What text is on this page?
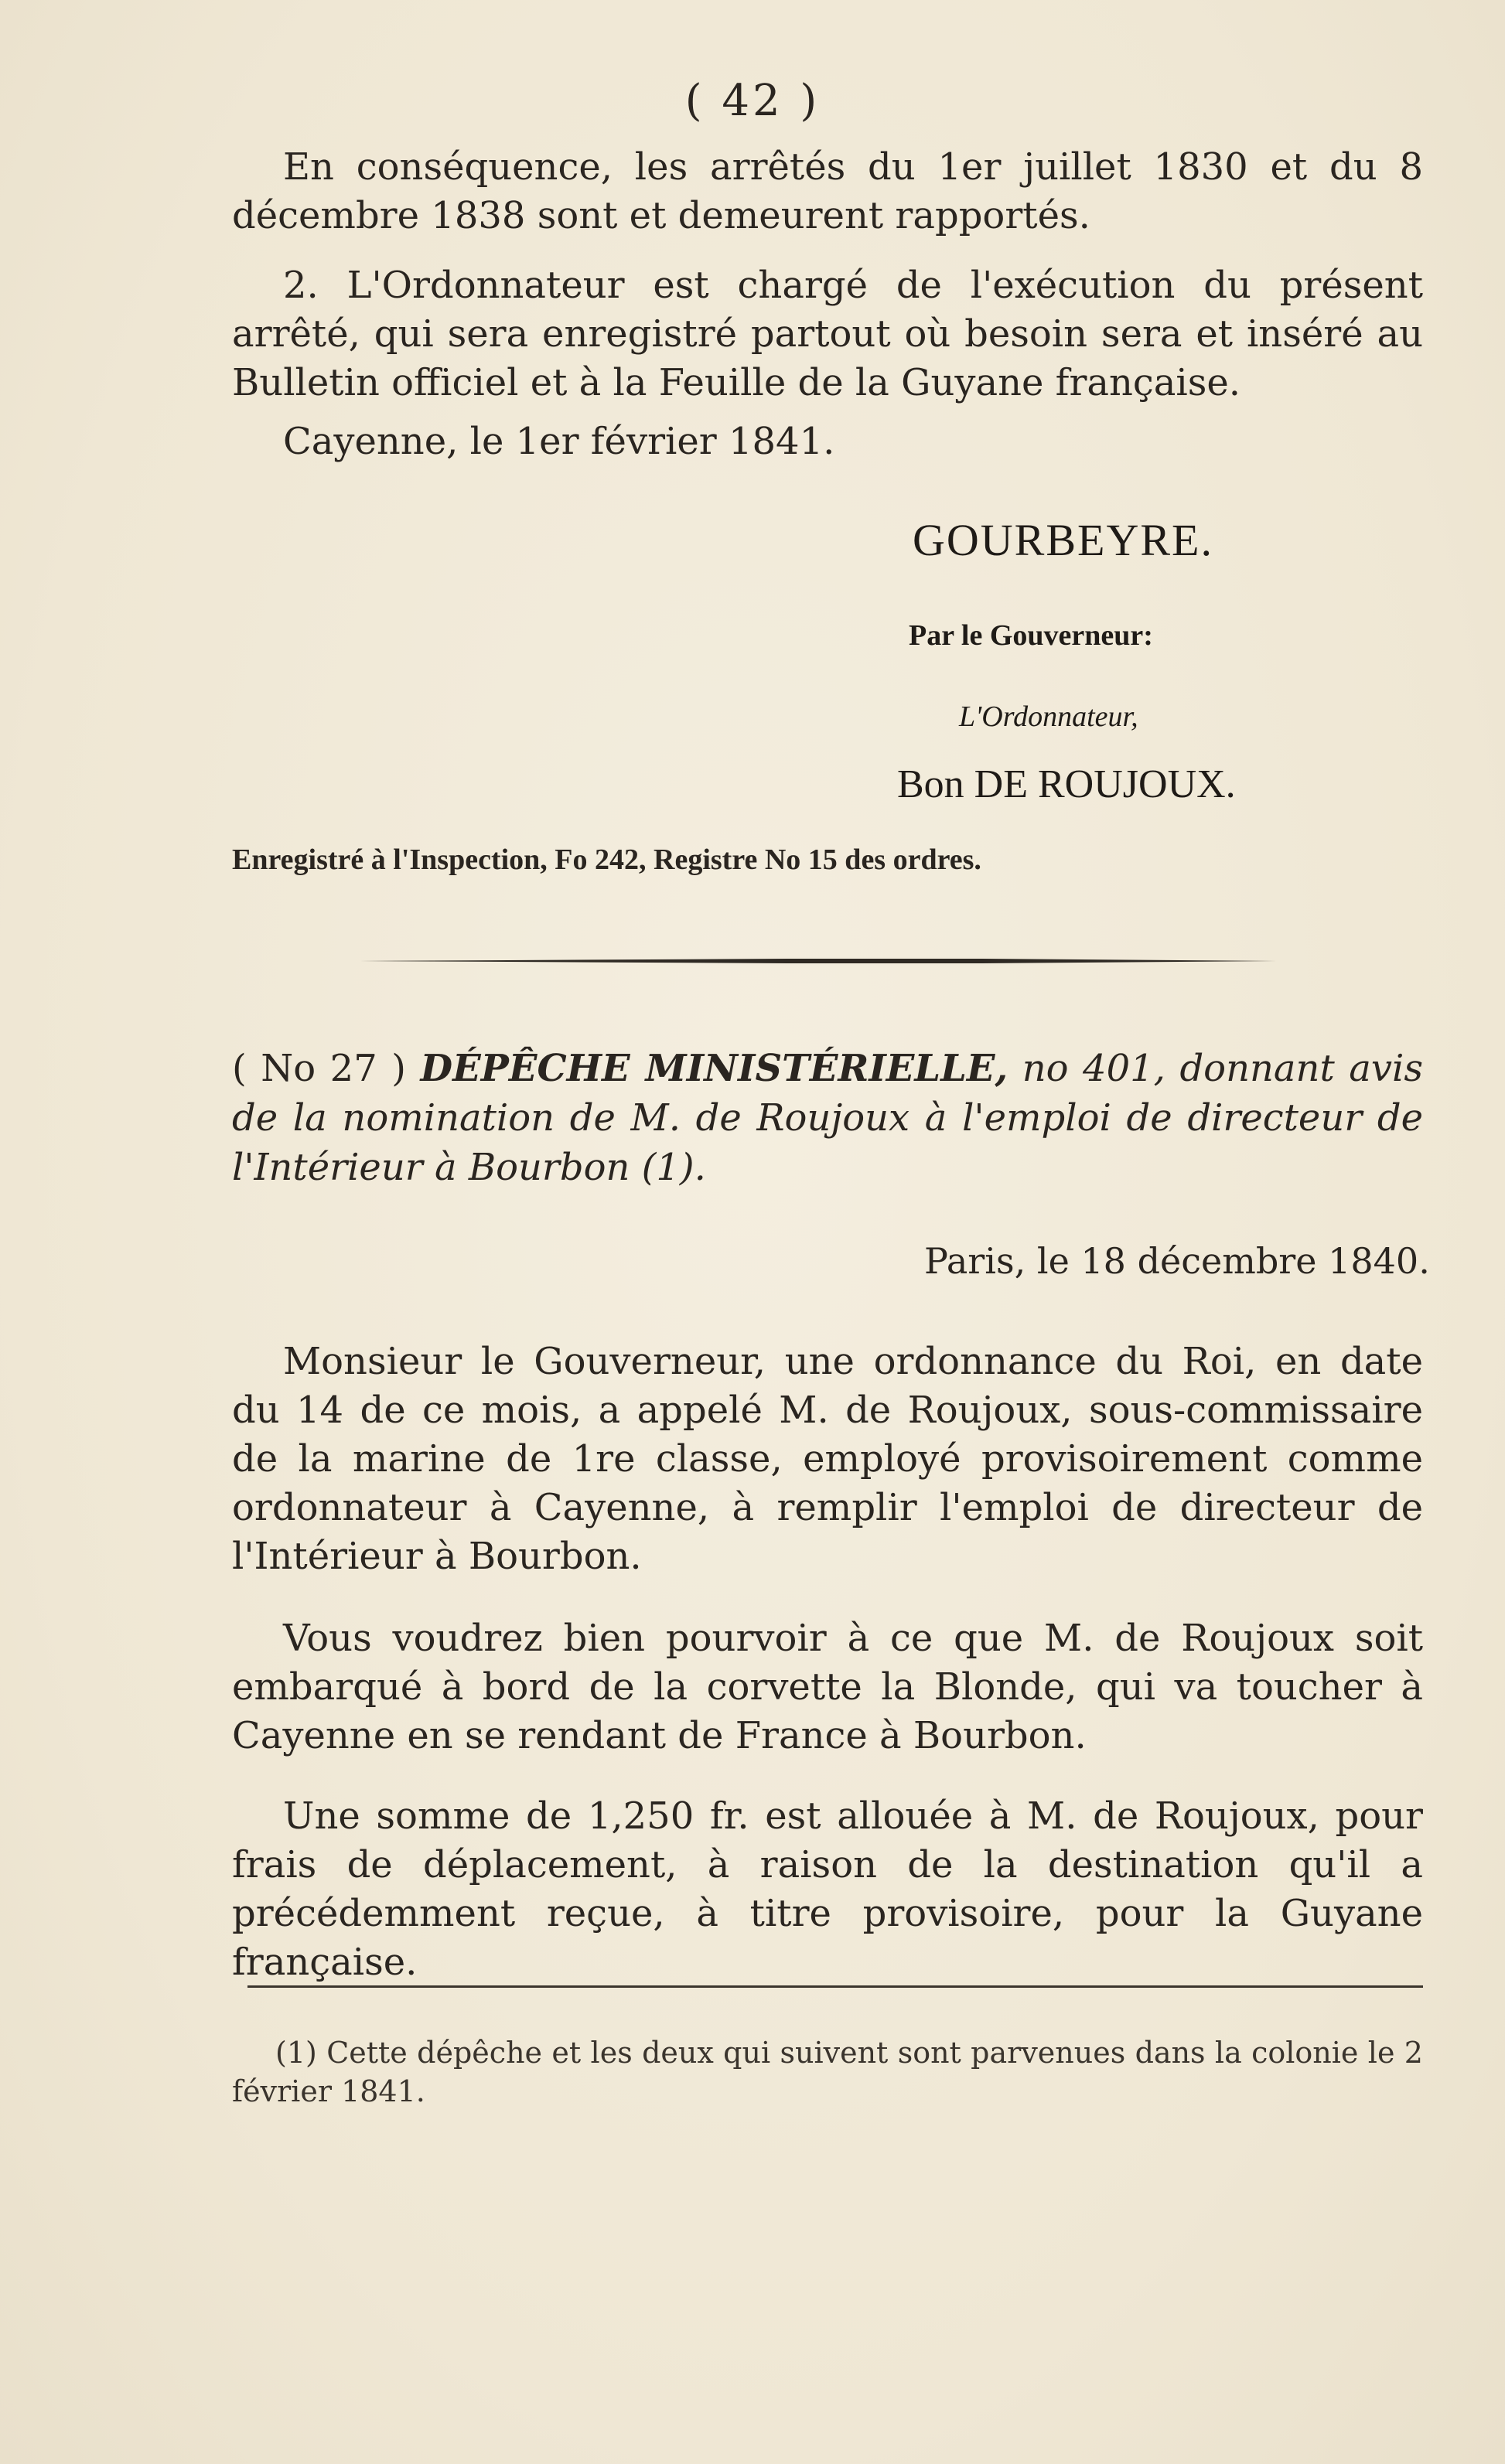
( 42 )

En conséquence, les arrêtés du 1er juillet 1830 et du 8 décembre 1838 sont et demeurent rapportés.

2. L'Ordonnateur est chargé de l'exécution du présent arrêté, qui sera enregistré partout où besoin sera et inséré au Bulletin officiel et à la Feuille de la Guyane française.

Cayenne, le 1er février 1841.

GOURBEYRE.
Par le Gouverneur:
L'Ordonnateur,
Bon DE ROUJOUX.
Enregistré à l'Inspection, Fo 242, Registre No 15 des ordres.
( No 27 ) DÉPÊCHE MINISTÉRIELLE, no 401, donnant avis de la nomination de M. de Roujoux à l'emploi de directeur de l'Intérieur à Bourbon (1).
Paris, le 18 décembre 1840.

Monsieur le Gouverneur, une ordonnance du Roi, en date du 14 de ce mois, a appelé M. de Roujoux, sous-commissaire de la marine de 1re classe, employé provisoirement comme ordonnateur à Cayenne, à remplir l'emploi de directeur de l'Intérieur à Bourbon.

Vous voudrez bien pourvoir à ce que M. de Roujoux soit embarqué à bord de la corvette la Blonde, qui va toucher à Cayenne en se rendant de France à Bourbon.

Une somme de 1,250 fr. est allouée à M. de Roujoux, pour frais de déplacement, à raison de la destination qu'il a précédemment reçue, à titre provisoire, pour la Guyane française.

(1) Cette dépêche et les deux qui suivent sont parvenues dans la colonie le 2 février 1841.
